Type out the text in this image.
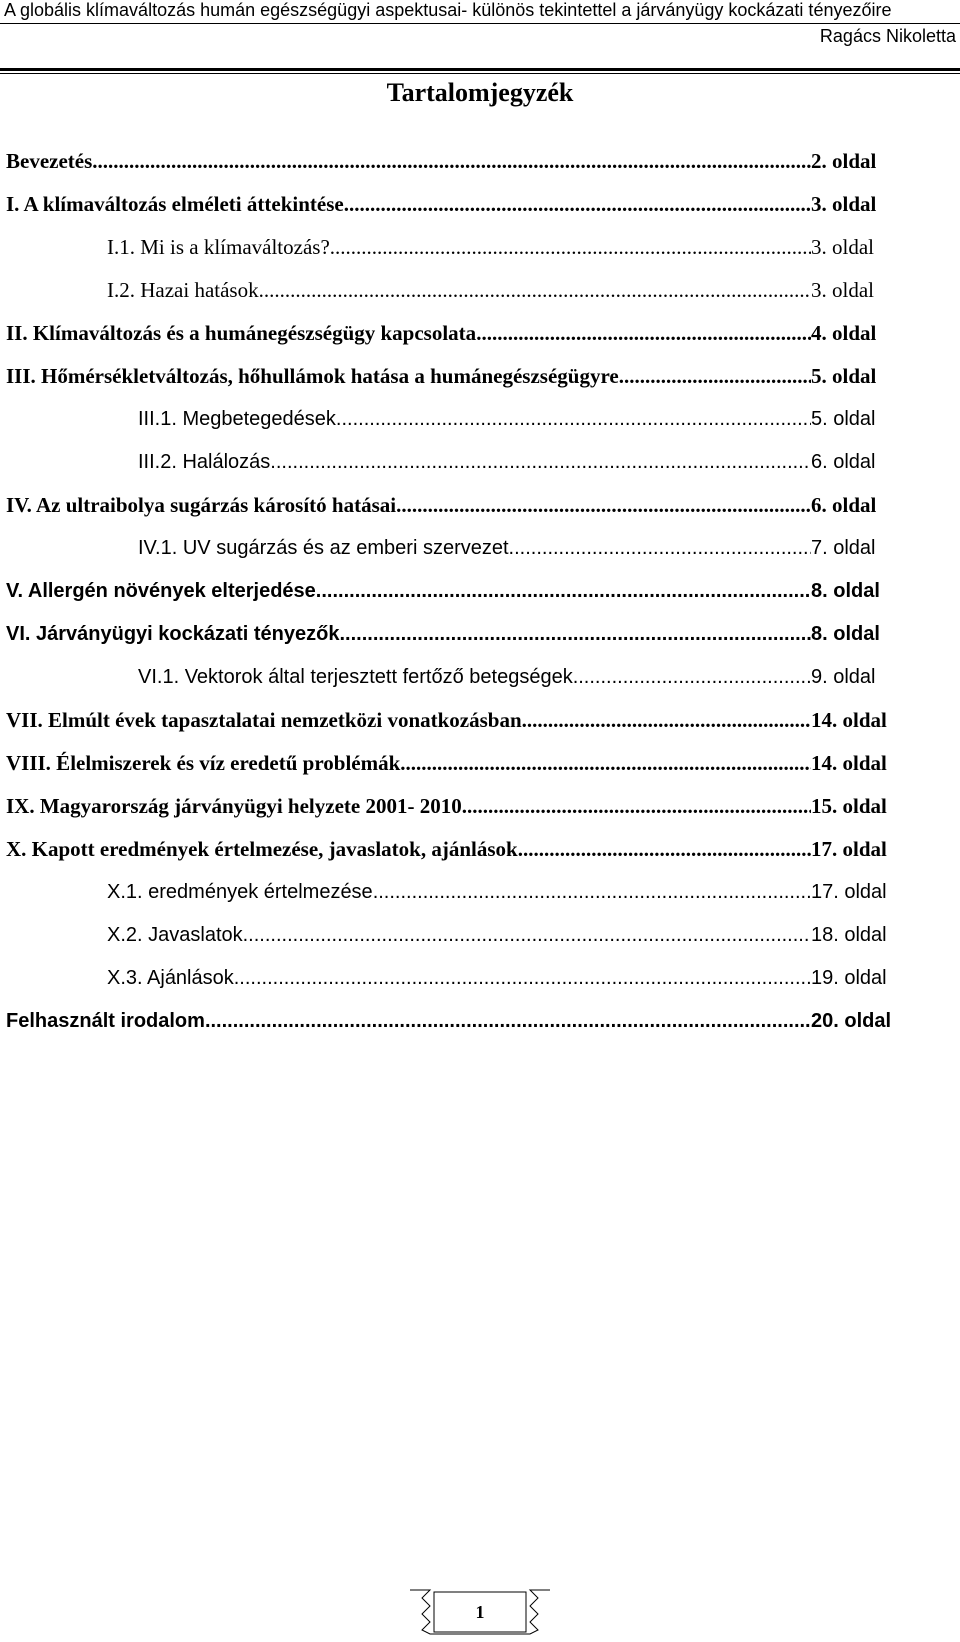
A globális klímaváltozás humán egészségügyi aspektusai- különös tekintettel a járványügy kockázati tényezőire
Ragács Nikoletta
Tartalomjegyzék
Bevezetés .....	2. oldal
I. A klímaváltozás elméleti áttekintése .....	3. oldal
I.1. Mi is a klímaváltozás? .....	3. oldal
I.2. Hazai hatások .....	3. oldal
II. Klímaváltozás és a humánegészségügy kapcsolata .....	4. oldal
III. Hőmérsékletváltozás, hőhullámok hatása a humánegészségügyre .....	5. oldal
III.1. Megbetegedések .....	5. oldal
III.2. Halálozás .....	6. oldal
IV. Az ultraibolya sugárzás károsító hatásai .....	6. oldal
IV.1. UV sugárzás és az emberi szervezet .....	7. oldal
V. Allergén növények elterjedése .....	8. oldal
VI. Járványügyi kockázati tényezők .....	8. oldal
VI.1. Vektorok által terjesztett fertőző betegségek .....	9. oldal
VII. Elmúlt évek tapasztalatai nemzetközi vonatkozásban .....	14. oldal
VIII. Élelmiszerek és víz eredetű problémák .....	14. oldal
IX. Magyarország járványügyi helyzete 2001- 2010 .....	15. oldal
X. Kapott eredmények értelmezése, javaslatok, ajánlások .....	17. oldal
X.1. eredmények értelmezése .....	17. oldal
X.2. Javaslatok .....	18. oldal
X.3. Ajánlások .....	19. oldal
Felhasznált irodalom .....	20. oldal
1
